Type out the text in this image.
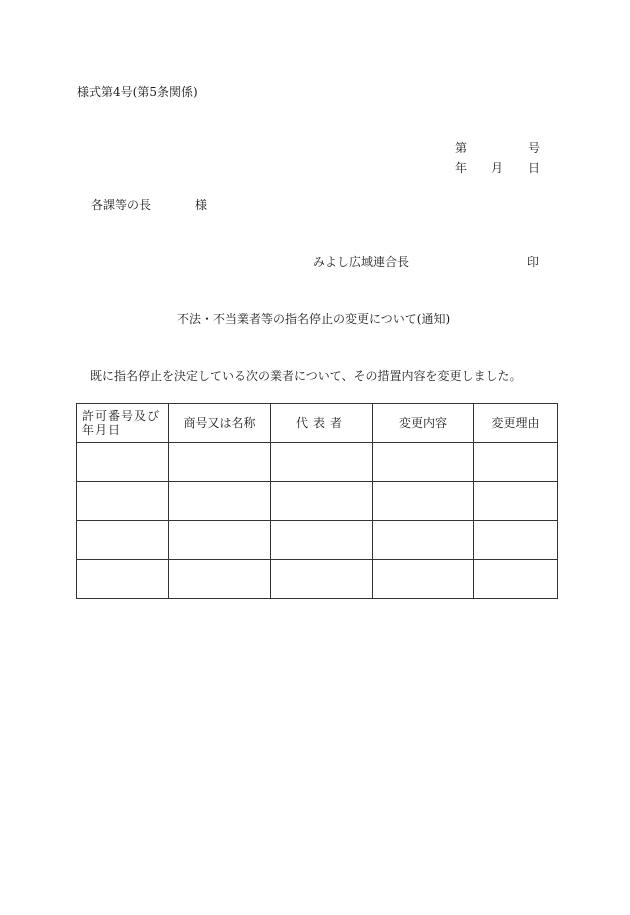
様式第4号(第5条関係)
第	号
年 月 日
各課等の長	様
みよし広域連合長	印
不法・不当業者等の指名停止の変更について(通知)
既に指名停止を決定している次の業者について、その措置内容を変更しました。
許可番号及び年月日	商号又は名称	代表者	変更内容	変更理由
